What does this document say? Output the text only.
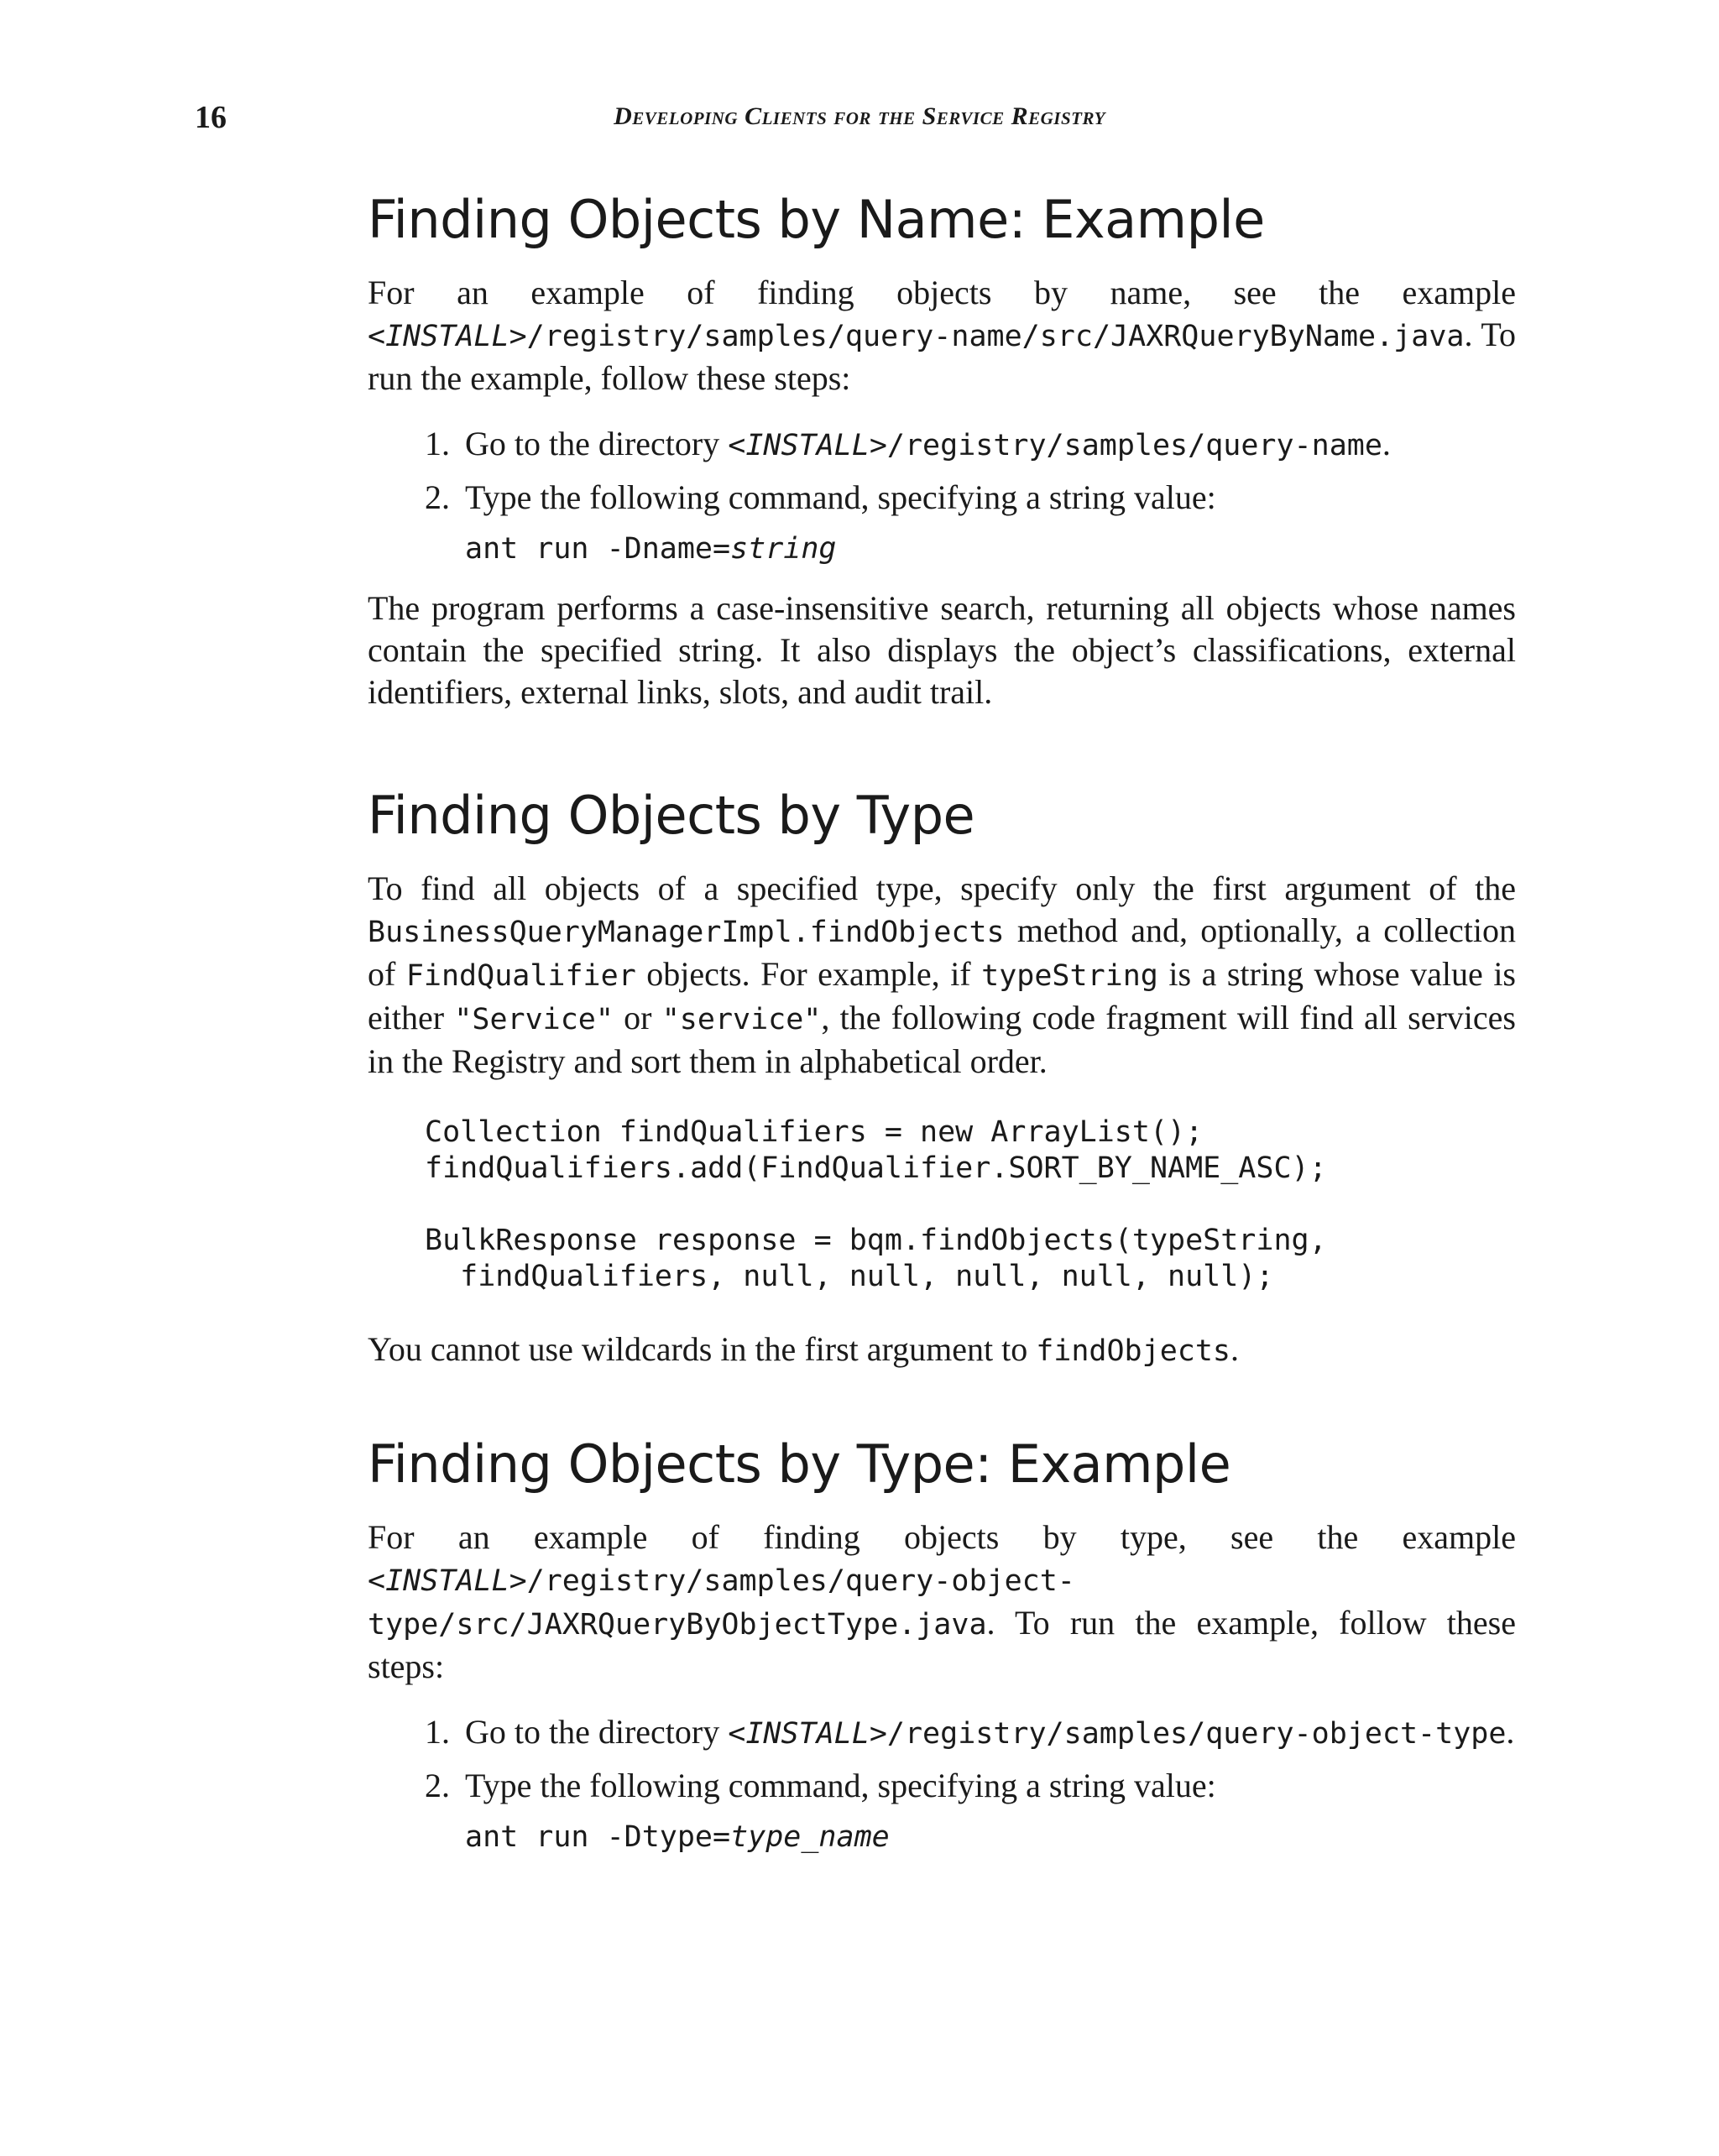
16	Developing Clients for the Service Registry
Finding Objects by Name: Example

For an example of finding objects by name, see the example <INSTALL>/registry/samples/query-name/src/JAXRQueryByName.java. To run the example, follow these steps:

1. Go to the directory <INSTALL>/registry/samples/query-name.
2. Type the following command, specifying a string value:
ant run -Dname=string

The program performs a case-insensitive search, returning all objects whose names contain the specified string. It also displays the object’s classifications, external identifiers, external links, slots, and audit trail.

Finding Objects by Type

To find all objects of a specified type, specify only the first argument of the BusinessQueryManagerImpl.findObjects method and, optionally, a collection of FindQualifier objects. For example, if typeString is a string whose value is either "Service" or "service", the following code fragment will find all services in the Registry and sort them in alphabetical order.

Collection findQualifiers = new ArrayList();
findQualifiers.add(FindQualifier.SORT_BY_NAME_ASC);

BulkResponse response = bqm.findObjects(typeString,
findQualifiers, null, null, null, null, null);

You cannot use wildcards in the first argument to findObjects.

Finding Objects by Type: Example

For an example of finding objects by type, see the example <INSTALL>/registry/samples/query-object-type/src/JAXRQueryByObjectType.java. To run the example, follow these steps:

1. Go to the directory <INSTALL>/registry/samples/query-object-type.
2. Type the following command, specifying a string value:
ant run -Dtype=type_name
